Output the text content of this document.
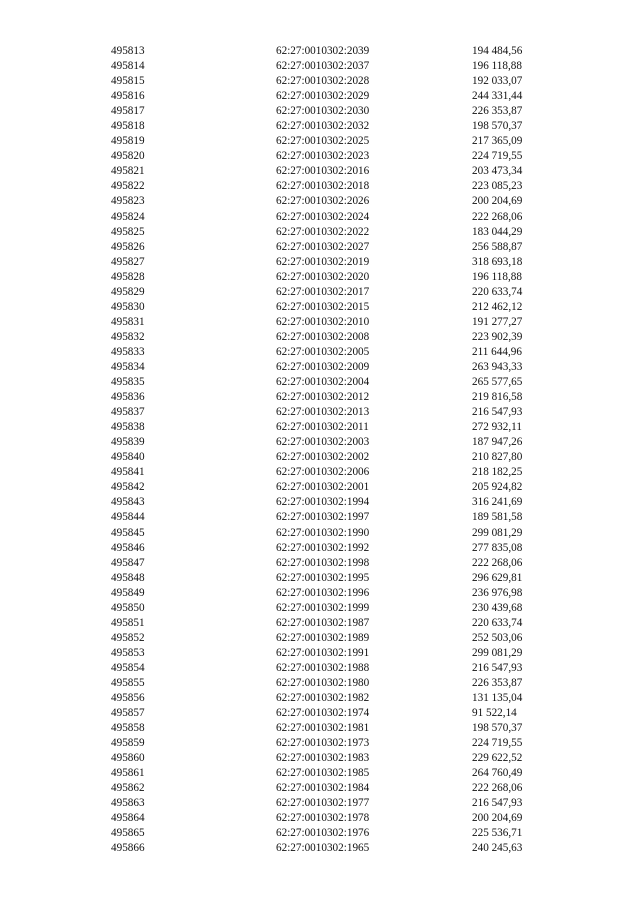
495813	62:27:0010302:2039	194 484,56
495814	62:27:0010302:2037	196 118,88
495815	62:27:0010302:2028	192 033,07
495816	62:27:0010302:2029	244 331,44
495817	62:27:0010302:2030	226 353,87
495818	62:27:0010302:2032	198 570,37
495819	62:27:0010302:2025	217 365,09
495820	62:27:0010302:2023	224 719,55
495821	62:27:0010302:2016	203 473,34
495822	62:27:0010302:2018	223 085,23
495823	62:27:0010302:2026	200 204,69
495824	62:27:0010302:2024	222 268,06
495825	62:27:0010302:2022	183 044,29
495826	62:27:0010302:2027	256 588,87
495827	62:27:0010302:2019	318 693,18
495828	62:27:0010302:2020	196 118,88
495829	62:27:0010302:2017	220 633,74
495830	62:27:0010302:2015	212 462,12
495831	62:27:0010302:2010	191 277,27
495832	62:27:0010302:2008	223 902,39
495833	62:27:0010302:2005	211 644,96
495834	62:27:0010302:2009	263 943,33
495835	62:27:0010302:2004	265 577,65
495836	62:27:0010302:2012	219 816,58
495837	62:27:0010302:2013	216 547,93
495838	62:27:0010302:2011	272 932,11
495839	62:27:0010302:2003	187 947,26
495840	62:27:0010302:2002	210 827,80
495841	62:27:0010302:2006	218 182,25
495842	62:27:0010302:2001	205 924,82
495843	62:27:0010302:1994	316 241,69
495844	62:27:0010302:1997	189 581,58
495845	62:27:0010302:1990	299 081,29
495846	62:27:0010302:1992	277 835,08
495847	62:27:0010302:1998	222 268,06
495848	62:27:0010302:1995	296 629,81
495849	62:27:0010302:1996	236 976,98
495850	62:27:0010302:1999	230 439,68
495851	62:27:0010302:1987	220 633,74
495852	62:27:0010302:1989	252 503,06
495853	62:27:0010302:1991	299 081,29
495854	62:27:0010302:1988	216 547,93
495855	62:27:0010302:1980	226 353,87
495856	62:27:0010302:1982	131 135,04
495857	62:27:0010302:1974	91 522,14
495858	62:27:0010302:1981	198 570,37
495859	62:27:0010302:1973	224 719,55
495860	62:27:0010302:1983	229 622,52
495861	62:27:0010302:1985	264 760,49
495862	62:27:0010302:1984	222 268,06
495863	62:27:0010302:1977	216 547,93
495864	62:27:0010302:1978	200 204,69
495865	62:27:0010302:1976	225 536,71
495866	62:27:0010302:1965	240 245,63
